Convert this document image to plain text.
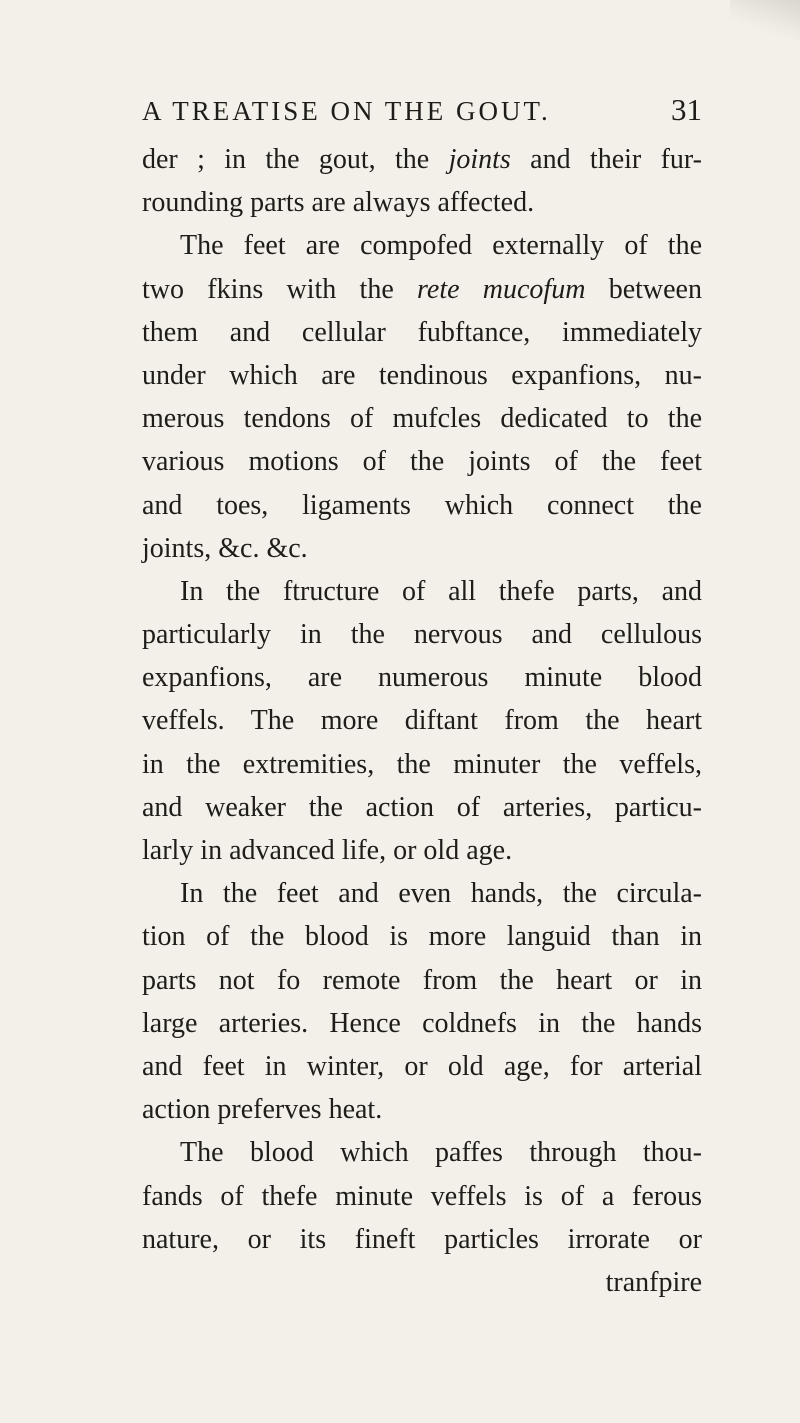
A TREATISE ON THE GOUT.	31
der ; in the gout, the joints and their fur-
rounding parts are always affected.
The feet are compofed externally of the
two fkins with the rete mucofum between
them and cellular fubftance, immediately
under which are tendinous expanfions, nu-
merous tendons of mufcles dedicated to the
various motions of the joints of the feet
and toes, ligaments which connect the
joints, &c. &c.
In the ftructure of all thefe parts, and
particularly in the nervous and cellulous
expanfions, are numerous minute blood
veffels. The more diftant from the heart
in the extremities, the minuter the veffels,
and weaker the action of arteries, particu-
larly in advanced life, or old age.
In the feet and even hands, the circula-
tion of the blood is more languid than in
parts not fo remote from the heart or in
large arteries. Hence coldnefs in the hands
and feet in winter, or old age, for arterial
action preferves heat.
The blood which paffes through thou-
fands of thefe minute veffels is of a ferous
nature, or its fineft particles irrorate or
tranfpire
